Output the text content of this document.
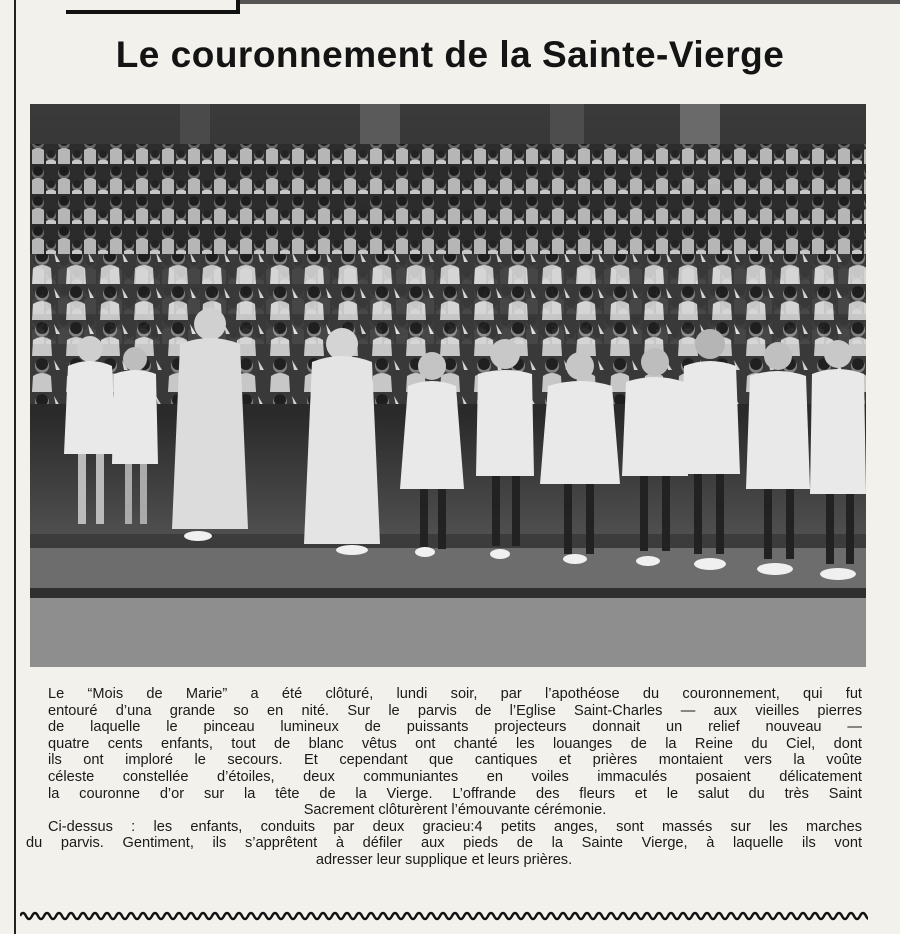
Le couronnement de la Sainte-Vierge

Le “Mois de Marie” a été clôturé, lundi soir, par l’apothéose du couronnement, qui fut
entouré d’una grande so en nité. Sur le parvis de l’Eglise Saint-Charles — aux vieilles pierres
de laquelle le pinceau lumineux de puissants projecteurs donnait un relief nouveau —
quatre cents enfants, tout de blanc vêtus ont chanté les louanges de la Reine du Ciel, dont
ils ont imploré le secours. Et cependant que cantiques et prières montaient vers la voûte
céleste constellée d’étoiles, deux communiantes en voiles immaculés posaient délicatement
la couronne d’or sur la tête de la Vierge. L’offrande des fleurs et le salut du très Saint
Sacrement clôturèrent l’émouvante cérémonie.

Ci-dessus : les enfants, conduits par deux gracieu:4 petits anges, sont massés sur les marches
du parvis. Gentiment, ils s’apprêtent à défiler aux pieds de la Sainte Vierge, à laquelle ils vont
adresser leur supplique et leurs prières.
